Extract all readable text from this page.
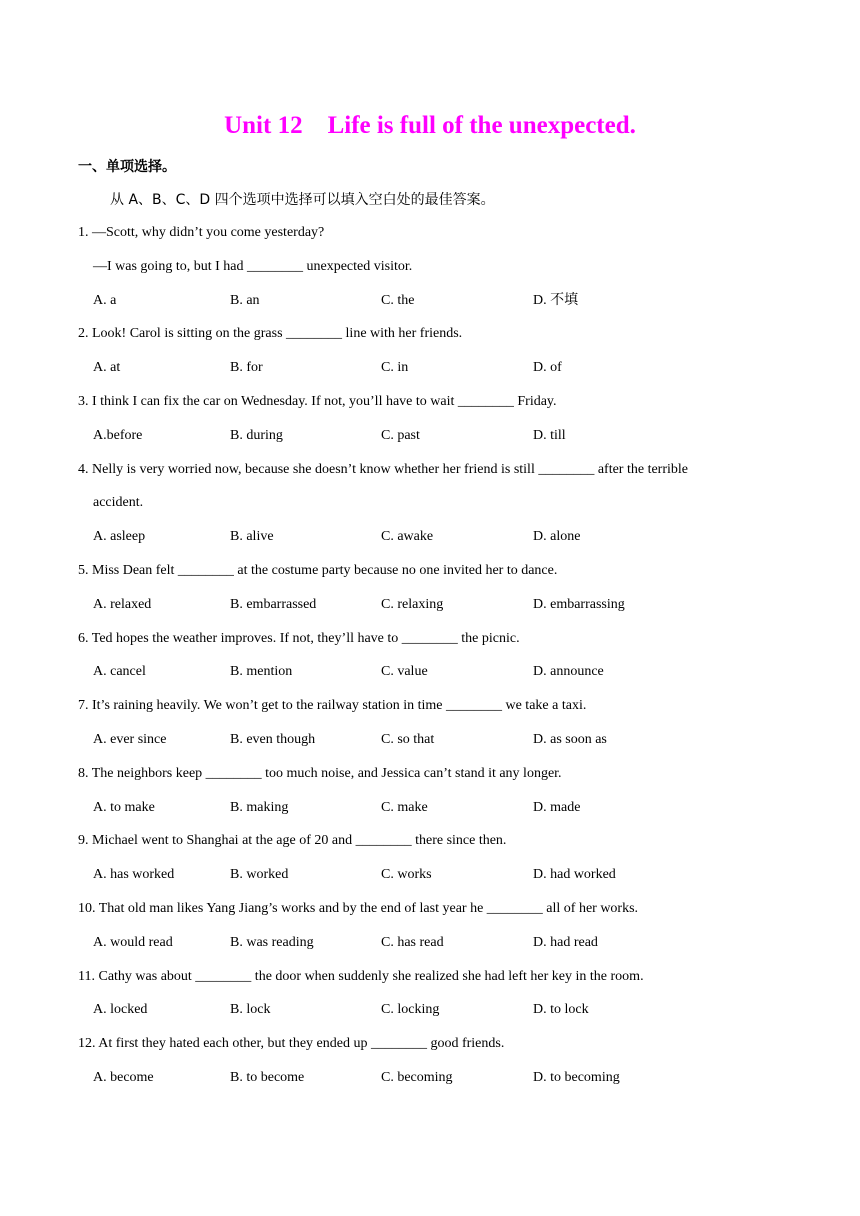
Unit 12    Life is full of the unexpected.
一、单项选择。
从 A、B、C、D 四个选项中选择可以填入空白处的最佳答案。
1. —Scott, why didn’t you come yesterday?
—I was going to, but I had ________ unexpected visitor.
A. a	B. an	C. the	D. 不填
2. Look! Carol is sitting on the grass ________ line with her friends.
A. at	B. for	C. in	D. of
3. I think I can fix the car on Wednesday. If not, you’ll have to wait ________ Friday.
A.before	B. during	C. past	D. till
4. Nelly is very worried now, because she doesn’t know whether her friend is still ________ after the terrible
accident.
A. asleep	B. alive	C. awake	D. alone
5. Miss Dean felt ________ at the costume party because no one invited her to dance.
A. relaxed	B. embarrassed	C. relaxing	D. embarrassing
6. Ted hopes the weather improves. If not, they’ll have to ________ the picnic.
A. cancel	B. mention	C. value	D. announce
7. It’s raining heavily. We won’t get to the railway station in time ________ we take a taxi.
A. ever since	B. even though	C. so that	D. as soon as
8. The neighbors keep ________ too much noise, and Jessica can’t stand it any longer.
A. to make	B. making	C. make	D. made
9. Michael went to Shanghai at the age of 20 and ________ there since then.
A. has worked	B. worked	C. works	D. had worked
10. That old man likes Yang Jiang’s works and by the end of last year he ________ all of her works.
A. would read	B. was reading	C. has read	D. had read
11. Cathy was about ________ the door when suddenly she realized she had left her key in the room.
A. locked	B. lock	C. locking	D. to lock
12. At first they hated each other, but they ended up ________ good friends.
A. become	B. to become	C. becoming	D. to becoming
